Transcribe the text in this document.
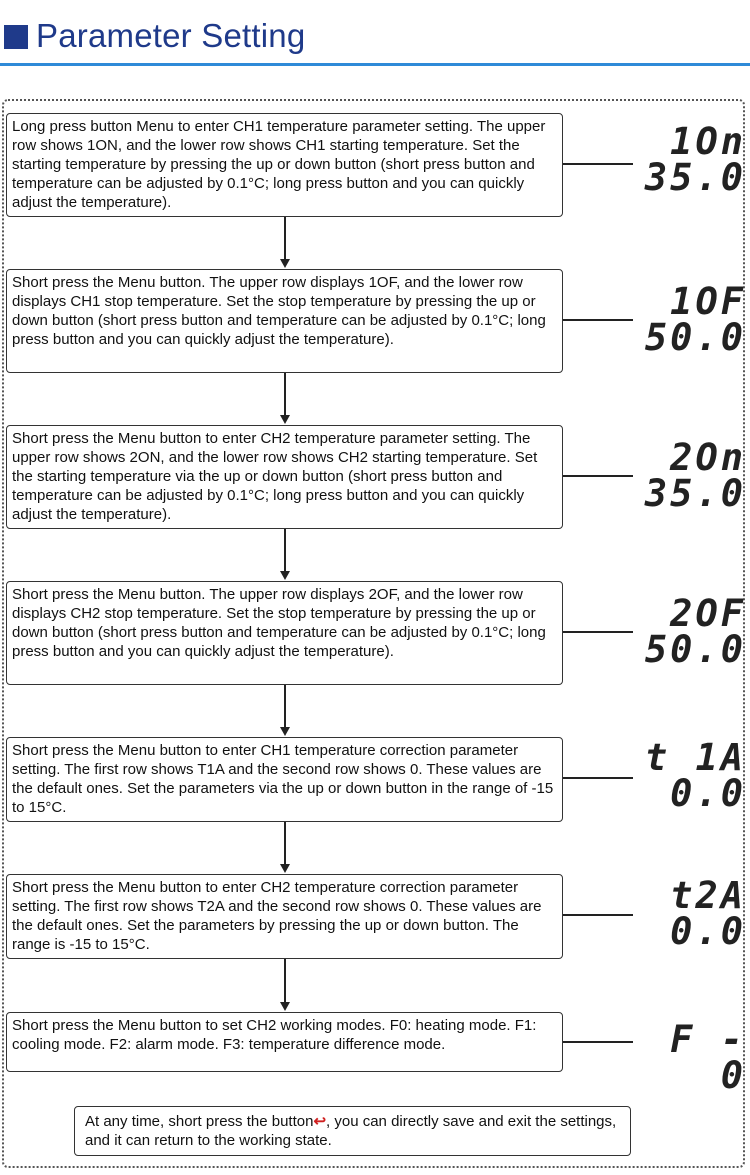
Parameter Setting
Long press button Menu to enter CH1 temperature parameter setting. The upper row shows 1ON, and the lower row shows CH1 starting temperature. Set the starting temperature by pressing the up or down button (short press button and temperature can be adjusted by 0.1°C; long press button and you can quickly adjust the temperature).
1On
35.0
Short press the Menu button. The upper row displays 1OF, and the lower row displays CH1 stop temperature. Set the stop temperature by pressing the up or down button (short press button and temperature can be adjusted by 0.1°C; long press button and you can quickly adjust the temperature).
1OF
50.0
Short press the Menu button to enter CH2 temperature parameter setting. The upper row shows 2ON, and the lower row shows CH2 starting temperature. Set the starting temperature via the up or down button (short press button and temperature can be adjusted by 0.1°C; long press button and you can quickly adjust the temperature).
2On
35.0
Short press the Menu button. The upper row displays 2OF, and the lower row displays CH2 stop temperature. Set the stop temperature by pressing the up or down button (short press button and temperature can be adjusted by 0.1°C; long press button and you can quickly adjust the temperature).
2OF
50.0
Short press the Menu button to enter CH1 temperature correction parameter setting. The first row shows T1A and the second row shows 0. These values are the default ones. Set the parameters via the up or down button in the range of -15 to 15°C.
t 1A
0.0
Short press the Menu button to enter CH2 temperature correction parameter setting. The first row shows T2A and the second row shows 0. These values are the default ones. Set the parameters by pressing the up or down button. The range is -15 to 15°C.
t2A
0.0
Short press the Menu button to set CH2 working modes. F0: heating mode. F1: cooling mode. F2: alarm mode. F3: temperature difference mode.	F - 0
At any time, short press the button↩, you can directly save and exit the settings, and it can return to the working state.
